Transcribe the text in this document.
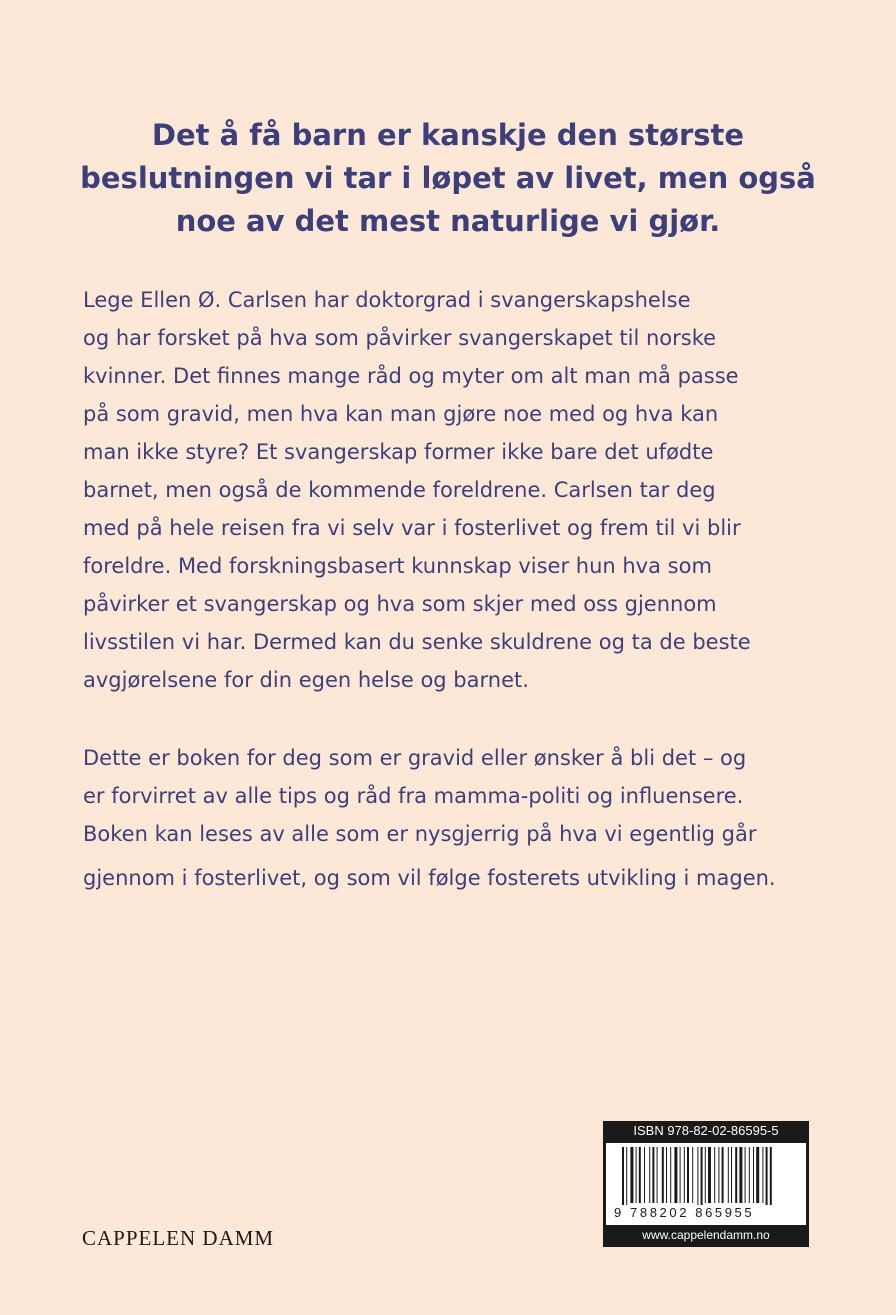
Det å få barn er kanskje den største
beslutningen vi tar i løpet av livet, men også
noe av det mest naturlige vi gjør.
Lege Ellen Ø. Carlsen har doktorgrad i svangerskapshelse
og har forsket på hva som påvirker svangerskapet til norske
kvinner. Det finnes mange råd og myter om alt man må passe
på som gravid, men hva kan man gjøre noe med og hva kan
man ikke styre? Et svangerskap former ikke bare det ufødte
barnet, men også de kommende foreldrene. Carlsen tar deg
med på hele reisen fra vi selv var i fosterlivet og frem til vi blir
foreldre. Med forskningsbasert kunnskap viser hun hva som
påvirker et svangerskap og hva som skjer med oss gjennom
livsstilen vi har. Dermed kan du senke skuldrene og ta de beste
avgjørelsene for din egen helse og barnet.
Dette er boken for deg som er gravid eller ønsker å bli det – og
er forvirret av alle tips og råd fra mamma-politi og influensere.
Boken kan leses av alle som er nysgjerrig på hva vi egentlig går
gjennom i fosterlivet, og som vil følge fosterets utvikling i magen.
CAPPELEN DAMM
ISBN 978-82-02-86595-5
9 788202 865955
www.cappelendamm.no
